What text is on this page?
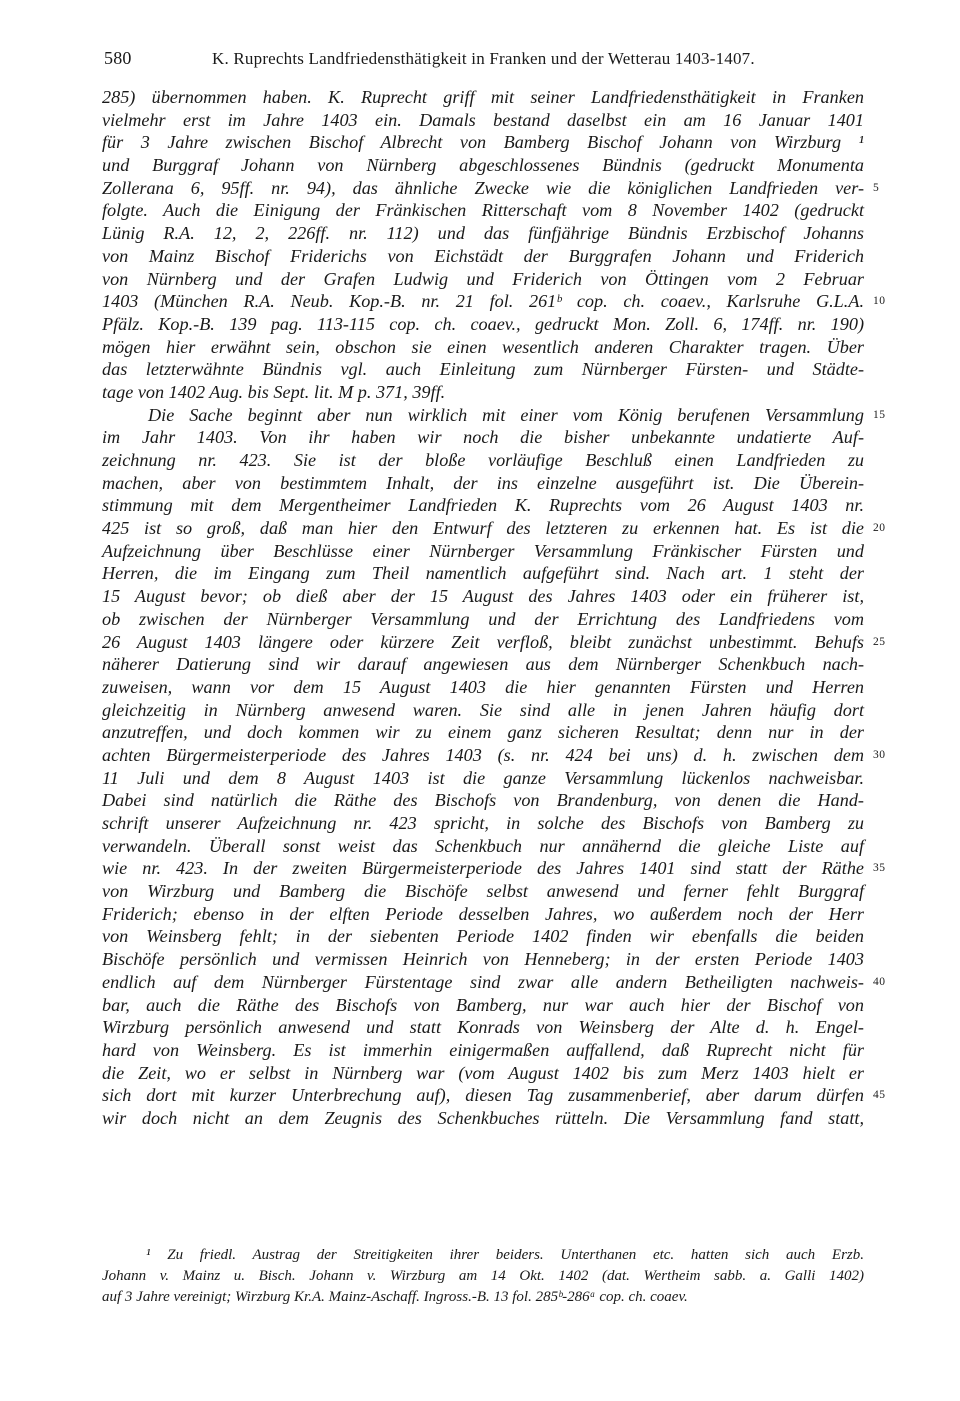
580	K. Ruprechts Landfriedensthätigkeit in Franken und der Wetterau 1403-1407.
285) übernommen haben. K. Ruprecht griff mit seiner Landfriedensthätigkeit in Franken
vielmehr erst im Jahre 1403 ein. Damals bestand daselbst ein am 16 Januar 1401
für 3 Jahre zwischen Bischof Albrecht von Bamberg Bischof Johann von Wirzburg ¹
und Burggraf Johann von Nürnberg abgeschlossenes Bündnis (gedruckt Monumenta
Zollerana 6, 95ff. nr. 94), das ähnliche Zwecke wie die königlichen Landfrieden ver- 5
folgte. Auch die Einigung der Fränkischen Ritterschaft vom 8 November 1402 (gedruckt
Lünig R.A. 12, 2, 226ff. nr. 112) und das fünfjährige Bündnis Erzbischof Johanns
von Mainz Bischof Friderichs von Eichstädt der Burggrafen Johann und Friderich
von Nürnberg und der Grafen Ludwig und Friderich von Öttingen vom 2 Februar
1403 (München R.A. Neub. Kop.-B. nr. 21 fol. 261ᵇ cop. ch. coaev., Karlsruhe G.L.A. 10
Pfälz. Kop.-B. 139 pag. 113-115 cop. ch. coaev., gedruckt Mon. Zoll. 6, 174ff. nr. 190)
mögen hier erwähnt sein, obschon sie einen wesentlich anderen Charakter tragen. Über
das letzterwähnte Bündnis vgl. auch Einleitung zum Nürnberger Fürsten- und Städte-
tage von 1402 Aug. bis Sept. lit. M p. 371, 39ff.
Die Sache beginnt aber nun wirklich mit einer vom König berufenen Versammlung 15
im Jahr 1403. Von ihr haben wir noch die bisher unbekannte undatierte Auf-
zeichnung nr. 423. Sie ist der bloße vorläufige Beschluß einen Landfrieden zu
machen, aber von bestimmtem Inhalt, der ins einzelne ausgeführt ist. Die Überein-
stimmung mit dem Mergentheimer Landfrieden K. Ruprechts vom 26 August 1403 nr.
425 ist so groß, daß man hier den Entwurf des letzteren zu erkennen hat. Es ist die 20
Aufzeichnung über Beschlüsse einer Nürnberger Versammlung Fränkischer Fürsten und
Herren, die im Eingang zum Theil namentlich aufgeführt sind. Nach art. 1 steht der
15 August bevor; ob dieß aber der 15 August des Jahres 1403 oder ein früherer ist,
ob zwischen der Nürnberger Versammlung und der Errichtung des Landfriedens vom
26 August 1403 längere oder kürzere Zeit verfloß, bleibt zunächst unbestimmt. Behufs 25
näherer Datierung sind wir darauf angewiesen aus dem Nürnberger Schenkbuch nach-
zuweisen, wann vor dem 15 August 1403 die hier genannten Fürsten und Herren
gleichzeitig in Nürnberg anwesend waren. Sie sind alle in jenen Jahren häufig dort
anzutreffen, und doch kommen wir zu einem ganz sicheren Resultat; denn nur in der
achten Bürgermeisterperiode des Jahres 1403 (s. nr. 424 bei uns) d. h. zwischen dem 30
11 Juli und dem 8 August 1403 ist die ganze Versammlung lückenlos nachweisbar.
Dabei sind natürlich die Räthe des Bischofs von Brandenburg, von denen die Hand-
schrift unserer Aufzeichnung nr. 423 spricht, in solche des Bischofs von Bamberg zu
verwandeln. Überall sonst weist das Schenkbuch nur annähernd die gleiche Liste auf
wie nr. 423. In der zweiten Bürgermeisterperiode des Jahres 1401 sind statt der Räthe 35
von Wirzburg und Bamberg die Bischöfe selbst anwesend und ferner fehlt Burggraf
Friderich; ebenso in der elften Periode desselben Jahres, wo außerdem noch der Herr
von Weinsberg fehlt; in der siebenten Periode 1402 finden wir ebenfalls die beiden
Bischöfe persönlich und vermissen Heinrich von Henneberg; in der ersten Periode 1403
endlich auf dem Nürnberger Fürstentage sind zwar alle andern Betheiligten nachweis- 40
bar, auch die Räthe des Bischofs von Bamberg, nur war auch hier der Bischof von
Wirzburg persönlich anwesend und statt Konrads von Weinsberg der Alte d. h. Engel-
hard von Weinsberg. Es ist immerhin einigermaßen auffallend, daß Ruprecht nicht für
die Zeit, wo er selbst in Nürnberg war (vom August 1402 bis zum Merz 1403 hielt er
sich dort mit kurzer Unterbrechung auf), diesen Tag zusammenberief, aber darum dürfen 45
wir doch nicht an dem Zeugnis des Schenkbuches rütteln. Die Versammlung fand statt,
¹ Zu friedl. Austrag der Streitigkeiten ihrer beiders. Unterthanen etc. hatten sich auch Erzb.
Johann v. Mainz u. Bisch. Johann v. Wirzburg am 14 Okt. 1402 (dat. Wertheim sabb. a. Galli 1402)
auf 3 Jahre vereinigt; Wirzburg Kr.A. Mainz-Aschaff. Ingross.-B. 13 fol. 285ᵇ-286ᵃ cop. ch. coaev.
